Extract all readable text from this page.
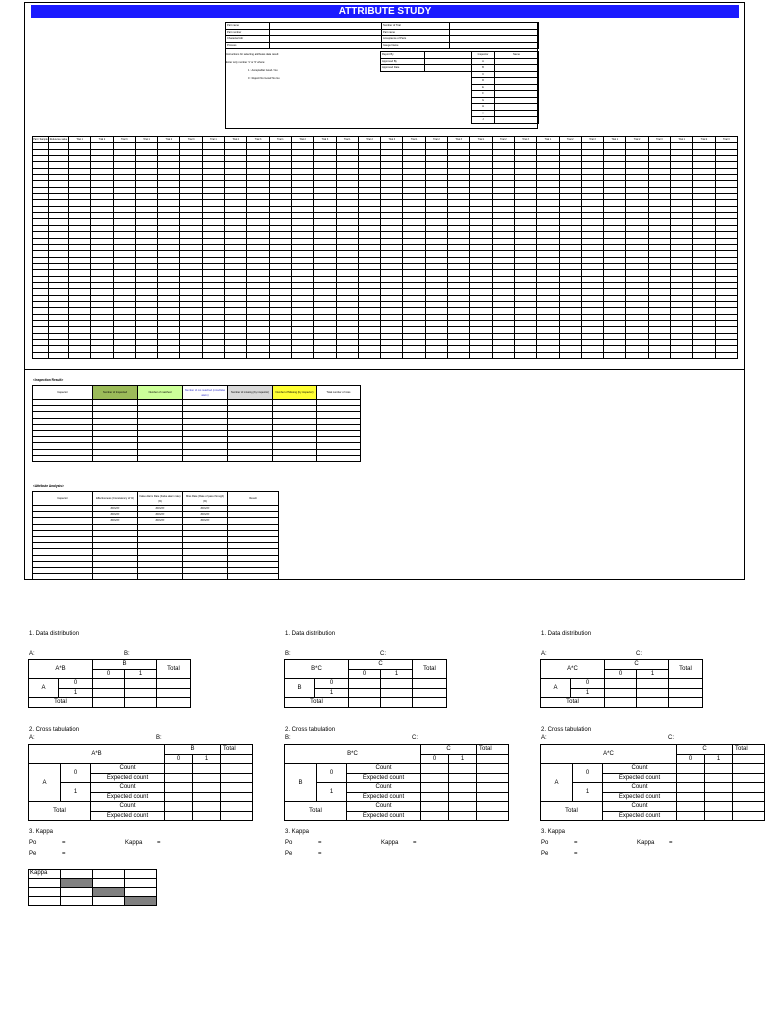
ATTRIBUTE STUDY
Part name		Number of Trial	
Part number		Part name	
Character/Attr		Acceptance of Parts	
Process		Gauge Name	
Instructions for selecting attributes data result:
Enter only number '1' or '0' where:
1 : Acceptable/ Good / Go
0 : Reject/ No Good/ No Go
Report By	
Approved By	
Approved Date	
Inspector	Name
A	
B	
C	
D	
E	
F	
G	
H	
I	
J	
Part / Sample	Reference value	Trial 1	Trial 2	Trial 3	Trial 1	Trial 2	Trial 3	Trial 1	Trial 2	Trial 3	Trial 1	Trial 2	Trial 3	Trial 1	Trial 2	Trial 3	Trial 1	Trial 2	Trial 3	Trial 1	Trial 2	Trial 3	Trial 1	Trial 2	Trial 3	Trial 1	Trial 2	Trial 3	Trial 1	Trial 2	Trial 3

<Inspection Result>
Inspector	Number of Inspected	Number of matched	Number of not matched (miss/false alarm)	Number of missing (by inspector)	Number of Missing (by inspector)	Total number of miss

<Attribute Analysis>
Inspector	Effectiveness (Consistency of %)	False Alarm Rate (False alarm rate) (%)	Miss Rate (Rate of pass through) (%)	Result
	#DIV/0!	#DIV/0!	#DIV/0!	
	#DIV/0!	#DIV/0!	#DIV/0!	
	#DIV/0!	#DIV/0!	#DIV/0!	

1. Data distribution
A:	B:
A*B		B		Total
		0	1	
A	0			
	1			
Total				
2. Cross tabulation
A:	B:
A*B			B		Total
			0	1	
A	0	Count			
		Expected count			
	1	Count			
		Expected count			
Total		Count			
		Expected count			
3. Kappa
Po	=	Kappa =
Pe	=
1. Data distribution
B:	C:
B*C		C		Total
		0	1	
B	0			
	1			
Total				
2. Cross tabulation
B:	C:
B*C			C		Total
			0	1	
B	0	Count			
		Expected count			
	1	Count			
		Expected count			
Total		Count			
		Expected count			
3. Kappa
Po	=	Kappa =
Pe	=
1. Data distribution
A:	C:
A*C		C		Total
		0	1	
A	0			
	1			
Total				
2. Cross tabulation
A:	C:
A*C			C		Total
			0	1	
A	0	Count			
		Expected count			
	1	Count			
		Expected count			
Total		Count			
		Expected count			
3. Kappa
Po	=	Kappa =
Pe	=
Kappa			
